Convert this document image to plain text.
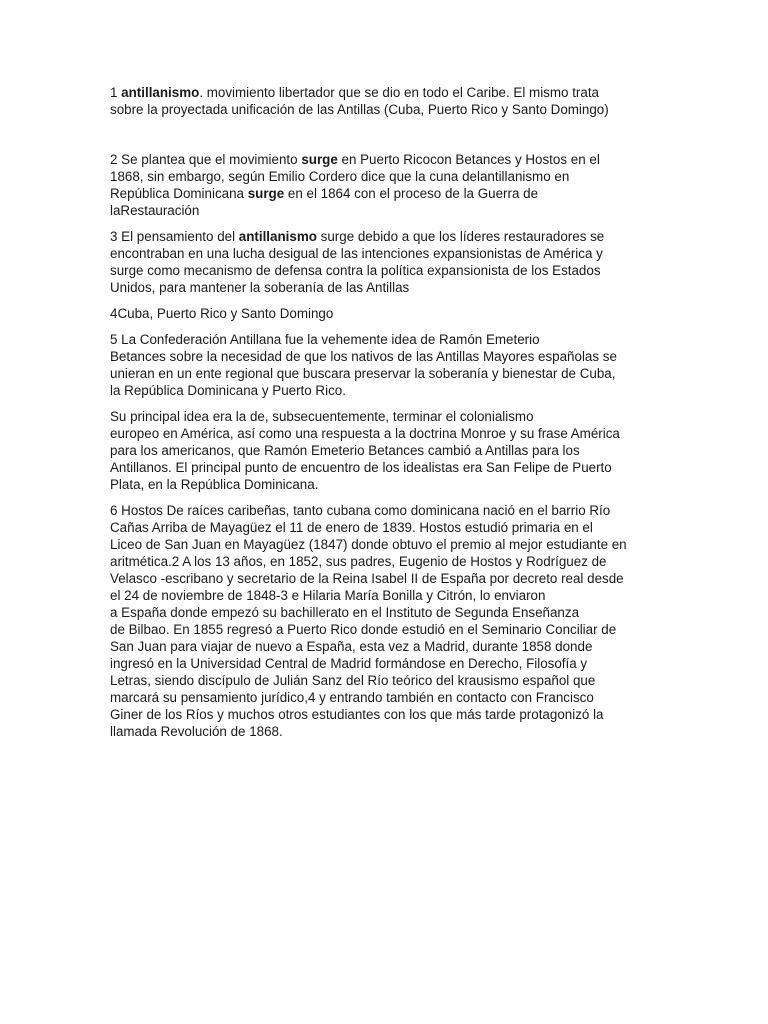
1 antillanismo. movimiento libertador que se dio en todo el Caribe. El mismo trata
sobre la proyectada unificación de las Antillas (Cuba, Puerto Rico y Santo Domingo)
2 Se plantea que el movimiento surge en Puerto Ricocon Betances y Hostos en el
1868, sin embargo, según Emilio Cordero dice que la cuna delantillanismo en
República Dominicana surge en el 1864 con el proceso de la Guerra de
laRestauración
3 El pensamiento del antillanismo surge debido a que los líderes restauradores se
encontraban en una lucha desigual de las intenciones expansionistas de América y
surge como mecanismo de defensa contra la política expansionista de los Estados
Unidos, para mantener la soberanía de las Antillas
4Cuba, Puerto Rico y Santo Domingo
5 La Confederación Antillana fue la vehemente idea de Ramón Emeterio
Betances sobre la necesidad de que los nativos de las Antillas Mayores españolas se
unieran en un ente regional que buscara preservar la soberanía y bienestar de Cuba,
la República Dominicana y Puerto Rico.
Su principal idea era la de, subsecuentemente, terminar el colonialismo
europeo en América, así como una respuesta a la doctrina Monroe y su frase América
para los americanos, que Ramón Emeterio Betances cambió a Antillas para los
Antillanos. El principal punto de encuentro de los idealistas era San Felipe de Puerto
Plata, en la República Dominicana.
6 Hostos De raíces caribeñas, tanto cubana como dominicana nació en el barrio Río
Cañas Arriba de Mayagüez el 11 de enero de 1839. Hostos estudió primaria en el
Liceo de San Juan en Mayagüez (1847) donde obtuvo el premio al mejor estudiante en
aritmética.2 A los 13 años, en 1852, sus padres, Eugenio de Hostos y Rodríguez de
Velasco -escribano y secretario de la Reina Isabel II de España por decreto real desde
el 24 de noviembre de 1848-3 e Hilaria María Bonilla y Citrón, lo enviaron
a España donde empezó su bachillerato en el Instituto de Segunda Enseñanza
de Bilbao. En 1855 regresó a Puerto Rico donde estudió en el Seminario Conciliar de
San Juan para viajar de nuevo a España, esta vez a Madrid, durante 1858 donde
ingresó en la Universidad Central de Madrid formándose en Derecho, Filosofía y
Letras, siendo discípulo de Julián Sanz del Río teórico del krausismo español que
marcará su pensamiento jurídico,4 y entrando también en contacto con Francisco
Giner de los Ríos y muchos otros estudiantes con los que más tarde protagonizó la
llamada Revolución de 1868.
